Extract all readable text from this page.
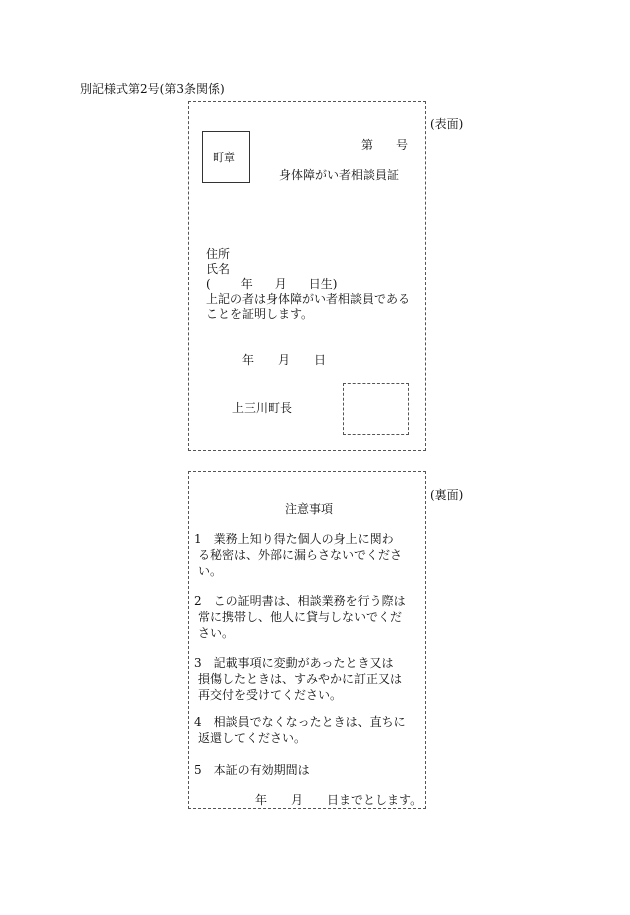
別記様式第2号(第3条関係)
(表面)
第 号
町章
身体障がい者相談員証
住所
氏名
(	年 月 日生)
上記の者は身体障がい者相談員である
ことを証明します。
年 月 日
上三川町長
(裏面)
注意事項
1　業務上知り得た個人の身上に関わ
る秘密は、外部に漏らさないでくださ
い。
2　この証明書は、相談業務を行う際は
常に携帯し、他人に貸与しないでくだ
さい。
3　記載事項に変動があったとき又は
損傷したときは、すみやかに訂正又は
再交付を受けてください。
4　相談員でなくなったときは、直ちに
返還してください。
5　本証の有効期間は
年 月 日までとします。
